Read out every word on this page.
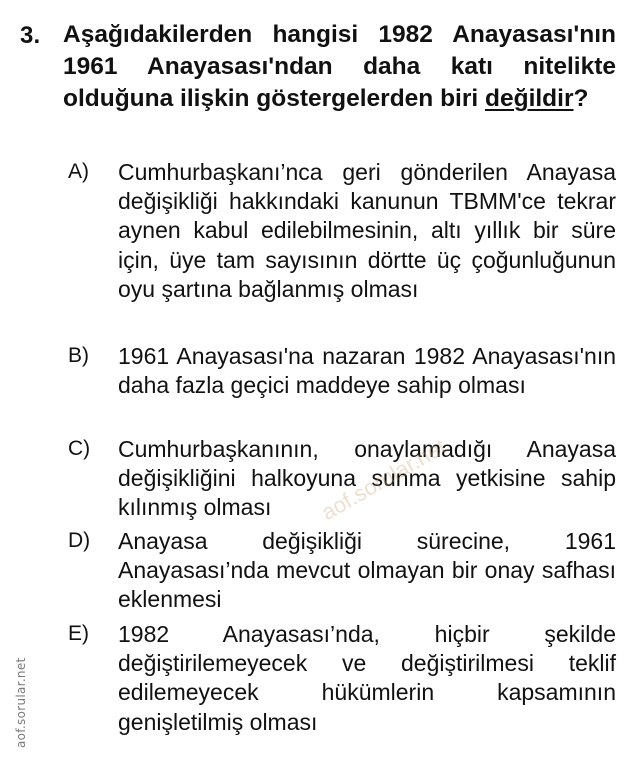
3. Aşağıdakilerden hangisi 1982 Anayasası'nın 1961 Anayasası'ndan daha katı nitelikte olduğuna ilişkin göstergelerden biri değildir?
A) Cumhurbaşkanı’nca geri gönderilen Anayasa değişikliği hakkındaki kanunun TBMM'ce tekrar aynen kabul edilebilmesinin, altı yıllık bir süre için, üye tam sayısının dörtte üç çoğunluğunun oyu şartına bağlanmış olması
B) 1961 Anayasası'na nazaran 1982 Anayasası'nın daha fazla geçici maddeye sahip olması
C) Cumhurbaşkanının, onaylamadığı Anayasa değişikliğini halkoyuna sunma yetkisine sahip kılınmış olması
D) Anayasa değişikliği sürecine, 1961 Anayasası’nda mevcut olmayan bir onay safhası eklenmesi
E) 1982 Anayasası’nda, hiçbir şekilde değiştirilemeyecek ve değiştirilmesi teklif edilemeyecek hükümlerin kapsamının genişletilmiş olması
aof.sorular.net
aof.sorular.net
